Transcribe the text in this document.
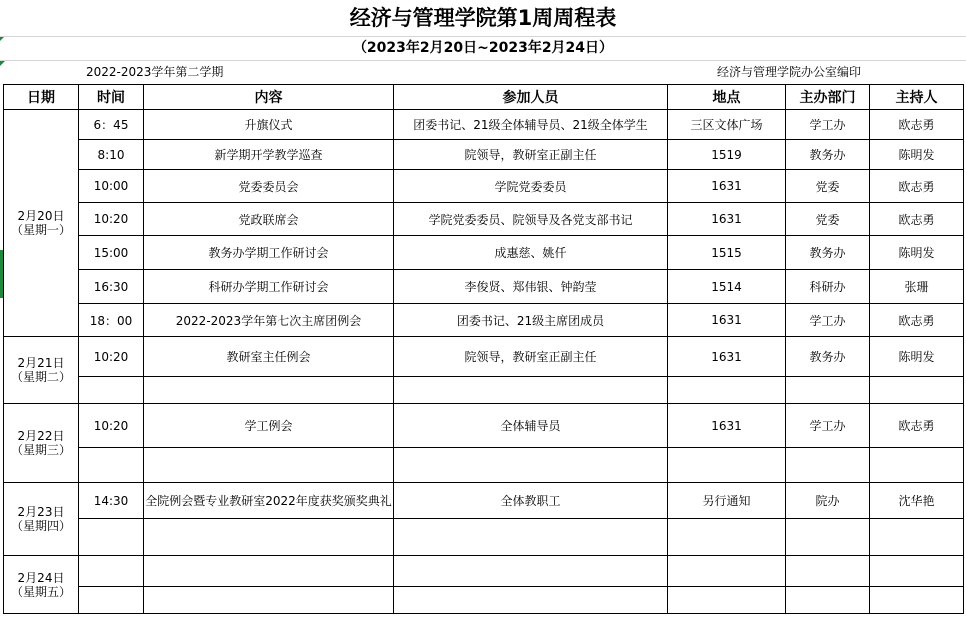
经济与管理学院第1周周程表
（2023年2月20日~2023年2月24日）
2022-2023学年第二学期	经济与管理学院办公室编印
日期	时间	内容	参加人员	地点	主办部门	主持人

2月20日
（星期一）	6：45	升旗仪式	团委书记、21级全体辅导员、21级全体学生	三区文体广场	学工办	欧志勇
	8:10	新学期开学教学巡查	院领导，教研室正副主任	1519	教务办	陈明发
	10:00	党委委员会	学院党委委员	1631	党委	欧志勇
	10:20	党政联席会	学院党委委员、院领导及各党支部书记	1631	党委	欧志勇
	15:00	教务办学期工作研讨会	成惠慈、姚仟	1515	教务办	陈明发
	16:30	科研办学期工作研讨会	李俊贤、郑伟银、钟韵莹	1514	科研办	张珊
	18：00	2022-2023学年第七次主席团例会	团委书记、21级主席团成员	1631	学工办	欧志勇

2月21日
（星期二）	10:20	教研室主任例会	院领导，教研室正副主任	1631	教务办	陈明发

2月22日
（星期三）	10:20	学工例会	全体辅导员	1631	学工办	欧志勇

2月23日
（星期四）	14:30	全院例会暨专业教研室2022年度获奖颁奖典礼	全体教职工	另行通知	院办	沈华艳

2月24日
（星期五）						
